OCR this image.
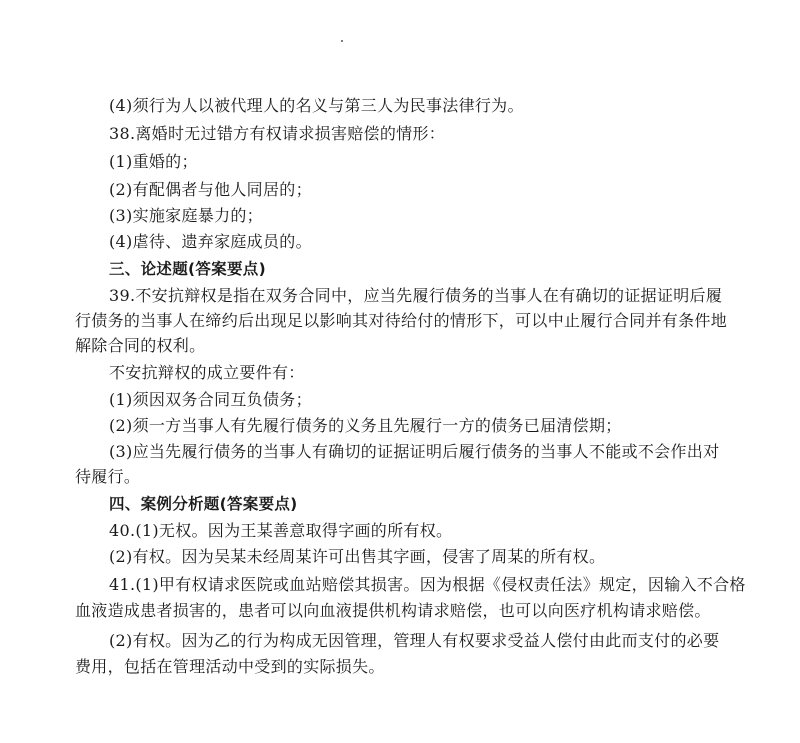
(4)须行为人以被代理人的名义与第三人为民事法律行为。
38.离婚时无过错方有权请求损害赔偿的情形：
(1)重婚的；
(2)有配偶者与他人同居的；
(3)实施家庭暴力的；
(4)虐待、遗弃家庭成员的。
三、论述题(答案要点)
39.不安抗辩权是指在双务合同中，应当先履行债务的当事人在有确切的证据证明后履
行债务的当事人在缔约后出现足以影响其对待给付的情形下，可以中止履行合同并有条件地
解除合同的权利。
不安抗辩权的成立要件有：
(1)须因双务合同互负债务；
(2)须一方当事人有先履行债务的义务且先履行一方的债务已届清偿期；
(3)应当先履行债务的当事人有确切的证据证明后履行债务的当事人不能或不会作出对
待履行。
四、案例分析题(答案要点)
40.(1)无权。因为王某善意取得字画的所有权。
(2)有权。因为吴某未经周某许可出售其字画，侵害了周某的所有权。
41.(1)甲有权请求医院或血站赔偿其损害。因为根据《侵权责任法》规定，因输入不合格
血液造成患者损害的，患者可以向血液提供机构请求赔偿，也可以向医疗机构请求赔偿。
(2)有权。因为乙的行为构成无因管理，管理人有权要求受益人偿付由此而支付的必要
费用，包括在管理活动中受到的实际损失。
